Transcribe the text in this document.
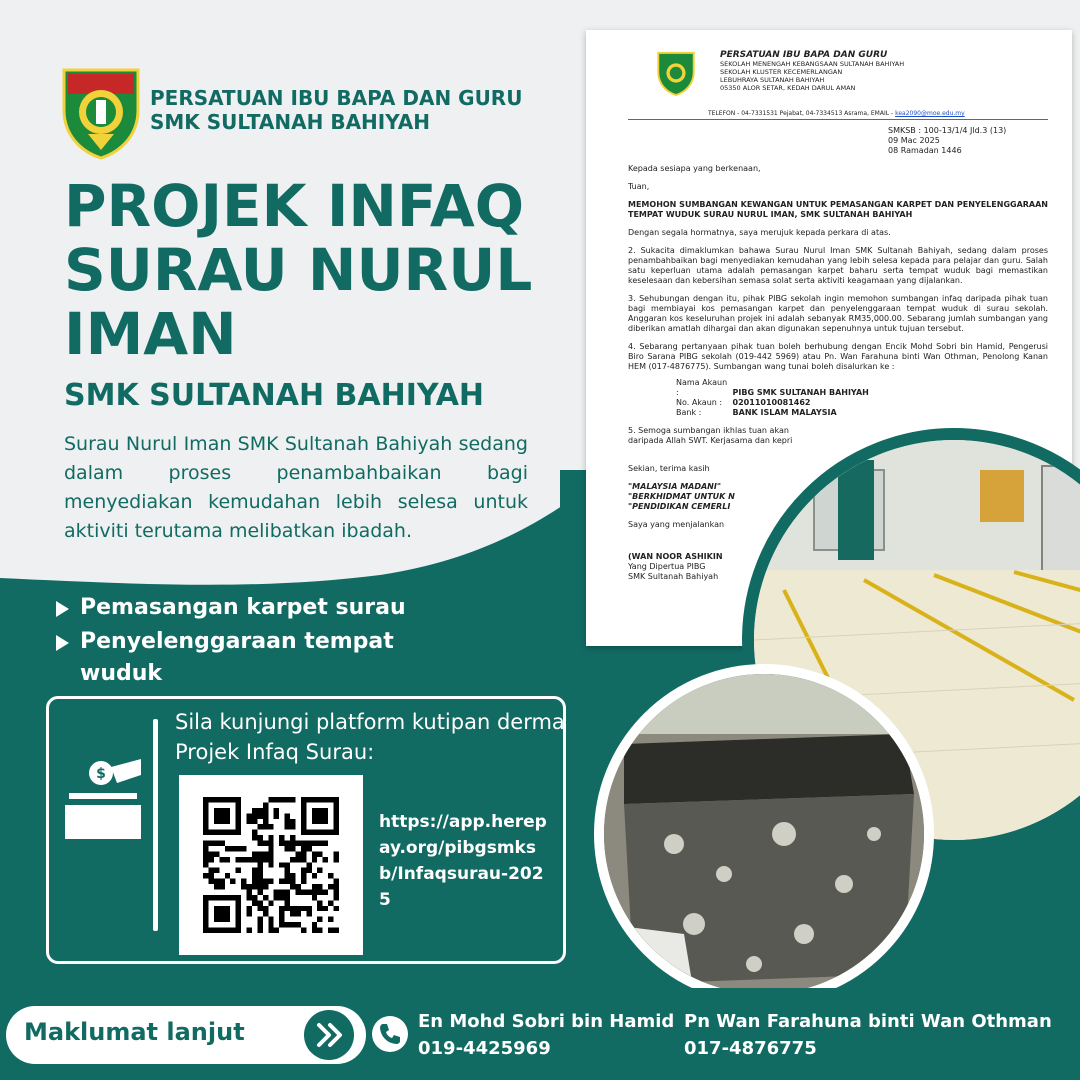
PERSATUAN IBU BAPA DAN GURU
SMK SULTANAH BAHIYAH
PROJEK INFAQ
SURAU NURUL
IMAN
SMK SULTANAH BAHIYAH

Surau Nurul Iman SMK Sultanah Bahiyah sedang dalam proses penambahbaikan bagi menyediakan kemudahan lebih selesa untuk aktiviti terutama melibatkan ibadah.

Pemasangan karpet surau
Penyelenggaraan tempat wuduk
$
Sila kunjungi platform kutipan derma Projek Infaq Surau:
https://app.herepay.org/pibgsmksb/Infaqsurau-2025
PERSATUAN IBU BAPA DAN GURU
SEKOLAH MENENGAH KEBANGSAAN SULTANAH BAHIYAH
SEKOLAH KLUSTER KECEMERLANGAN
LEBUHRAYA SULTANAH BAHIYAH
05350 ALOR SETAR, KEDAH DARUL AMAN
TELEFON - 04-7331531 Pejabat, 04-7334513 Asrama, EMAIL - kea2090@moe.edu.my
SMKSB : 100-13/1/4 Jld.3 (13)
09 Mac 2025
08 Ramadan 1446

Kepada sesiapa yang berkenaan,

Tuan,

MEMOHON SUMBANGAN KEWANGAN UNTUK PEMASANGAN KARPET DAN PENYELENGGARAAN TEMPAT WUDUK SURAU NURUL IMAN, SMK SULTANAH BAHIYAH

Dengan segala hormatnya, saya merujuk kepada perkara di atas.

2. Sukacita dimaklumkan bahawa Surau Nurul Iman SMK Sultanah Bahiyah, sedang dalam proses penambahbaikan bagi menyediakan kemudahan yang lebih selesa kepada para pelajar dan guru. Salah satu keperluan utama adalah pemasangan karpet baharu serta tempat wuduk bagi memastikan keselesaan dan kebersihan semasa solat serta aktiviti keagamaan yang dijalankan.

3. Sehubungan dengan itu, pihak PIBG sekolah ingin memohon sumbangan infaq daripada pihak tuan bagi membiayai kos pemasangan karpet dan penyelenggaraan tempat wuduk di surau sekolah. Anggaran kos keseluruhan projek ini adalah sebanyak RM35,000.00. Sebarang jumlah sumbangan yang diberikan amatlah dihargai dan akan digunakan sepenuhnya untuk tujuan tersebut.

4. Sebarang pertanyaan pihak tuan boleh berhubung dengan Encik Mohd Sobri bin Hamid, Pengerusi Biro Sarana PIBG sekolah (019-442 5969) atau Pn. Wan Farahuna binti Wan Othman, Penolong Kanan HEM (017-4876775). Sumbangan wang tunai boleh disalurkan ke :

Nama Akaun :	PIBG SMK SULTANAH BAHIYAH
No. Akaun : 02011010081462
Bank :	BANK ISLAM MALAYSIA

5. Semoga sumbangan ikhlas tuan akan

daripada Allah SWT. Kerjasama dan kepri

Sekian, terima kasih

"MALAYSIA MADANI"
"BERKHIDMAT UNTUK N
"PENDIDIKAN CEMERLI

Saya yang menjalankan

(WAN NOOR ASHIKIN
Yang Dipertua PIBG
SMK Sultanah Bahiyah
Maklumat lanjut	En Mohd Sobri bin Hamid
019-4425969
Pn Wan Farahuna binti Wan Othman
017-4876775
